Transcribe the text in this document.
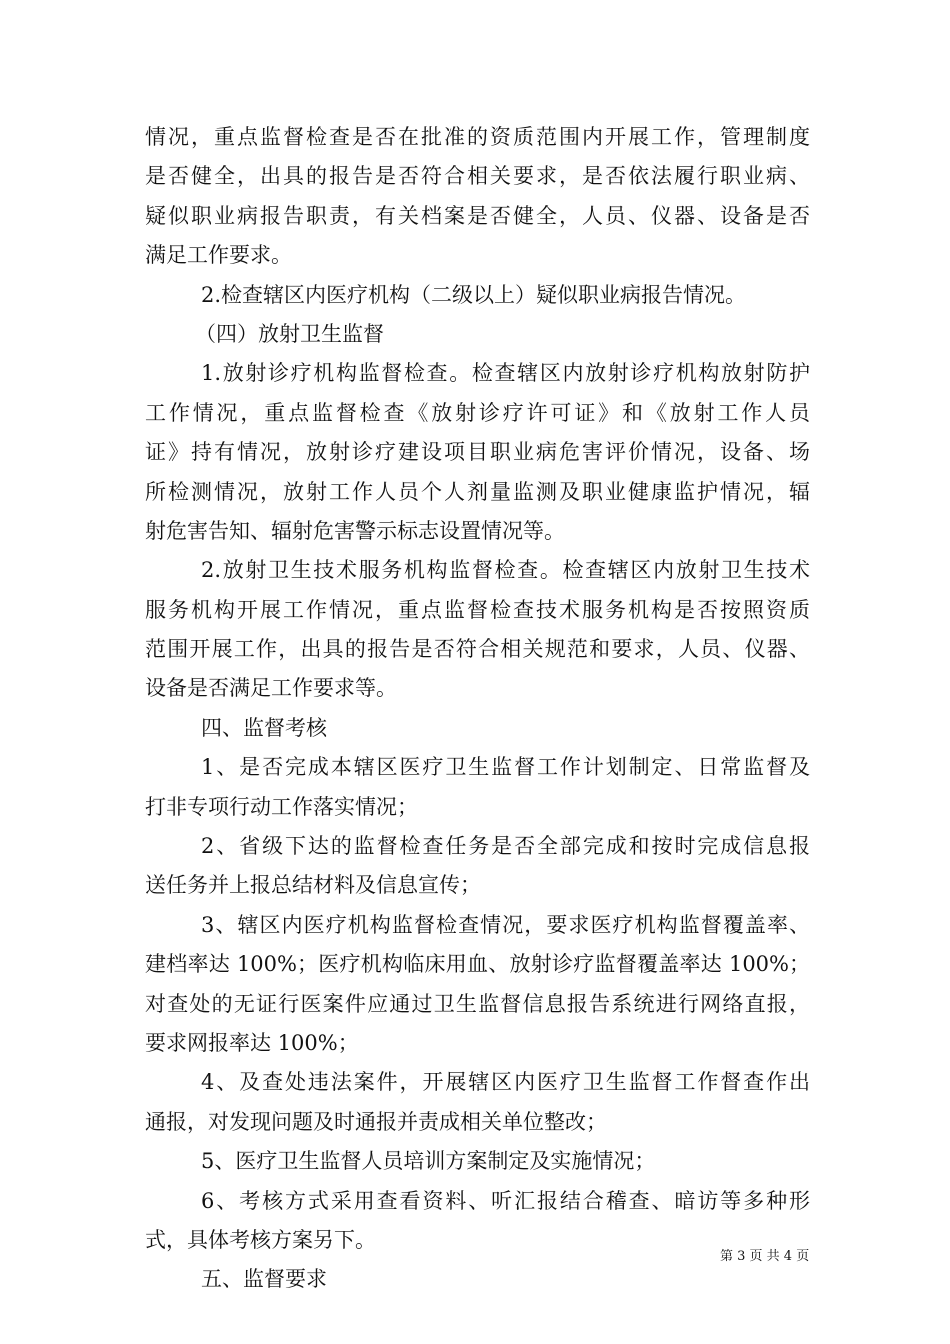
情况，重点监督检查是否在批准的资质范围内开展工作，管理制度
是否健全，出具的报告是否符合相关要求，是否依法履行职业病、
疑似职业病报告职责，有关档案是否健全，人员、仪器、设备是否
满足工作要求。
2.检查辖区内医疗机构（二级以上）疑似职业病报告情况。
（四）放射卫生监督
1.放射诊疗机构监督检查。检查辖区内放射诊疗机构放射防护
工作情况，重点监督检查《放射诊疗许可证》和《放射工作人员
证》持有情况，放射诊疗建设项目职业病危害评价情况，设备、场
所检测情况，放射工作人员个人剂量监测及职业健康监护情况，辐
射危害告知、辐射危害警示标志设置情况等。
2.放射卫生技术服务机构监督检查。检查辖区内放射卫生技术
服务机构开展工作情况，重点监督检查技术服务机构是否按照资质
范围开展工作，出具的报告是否符合相关规范和要求，人员、仪器、
设备是否满足工作要求等。
四、监督考核
1、是否完成本辖区医疗卫生监督工作计划制定、日常监督及
打非专项行动工作落实情况；
2、省级下达的监督检查任务是否全部完成和按时完成信息报
送任务并上报总结材料及信息宣传；
3、辖区内医疗机构监督检查情况，要求医疗机构监督覆盖率、
建档率达 100%；医疗机构临床用血、放射诊疗监督覆盖率达 100%；
对查处的无证行医案件应通过卫生监督信息报告系统进行网络直报，
要求网报率达 100%；
4、及查处违法案件，开展辖区内医疗卫生监督工作督查作出
通报，对发现问题及时通报并责成相关单位整改；
5、医疗卫生监督人员培训方案制定及实施情况；
6、考核方式采用查看资料、听汇报结合稽查、暗访等多种形
式，具体考核方案另下。
五、监督要求
第 3 页 共 4 页
